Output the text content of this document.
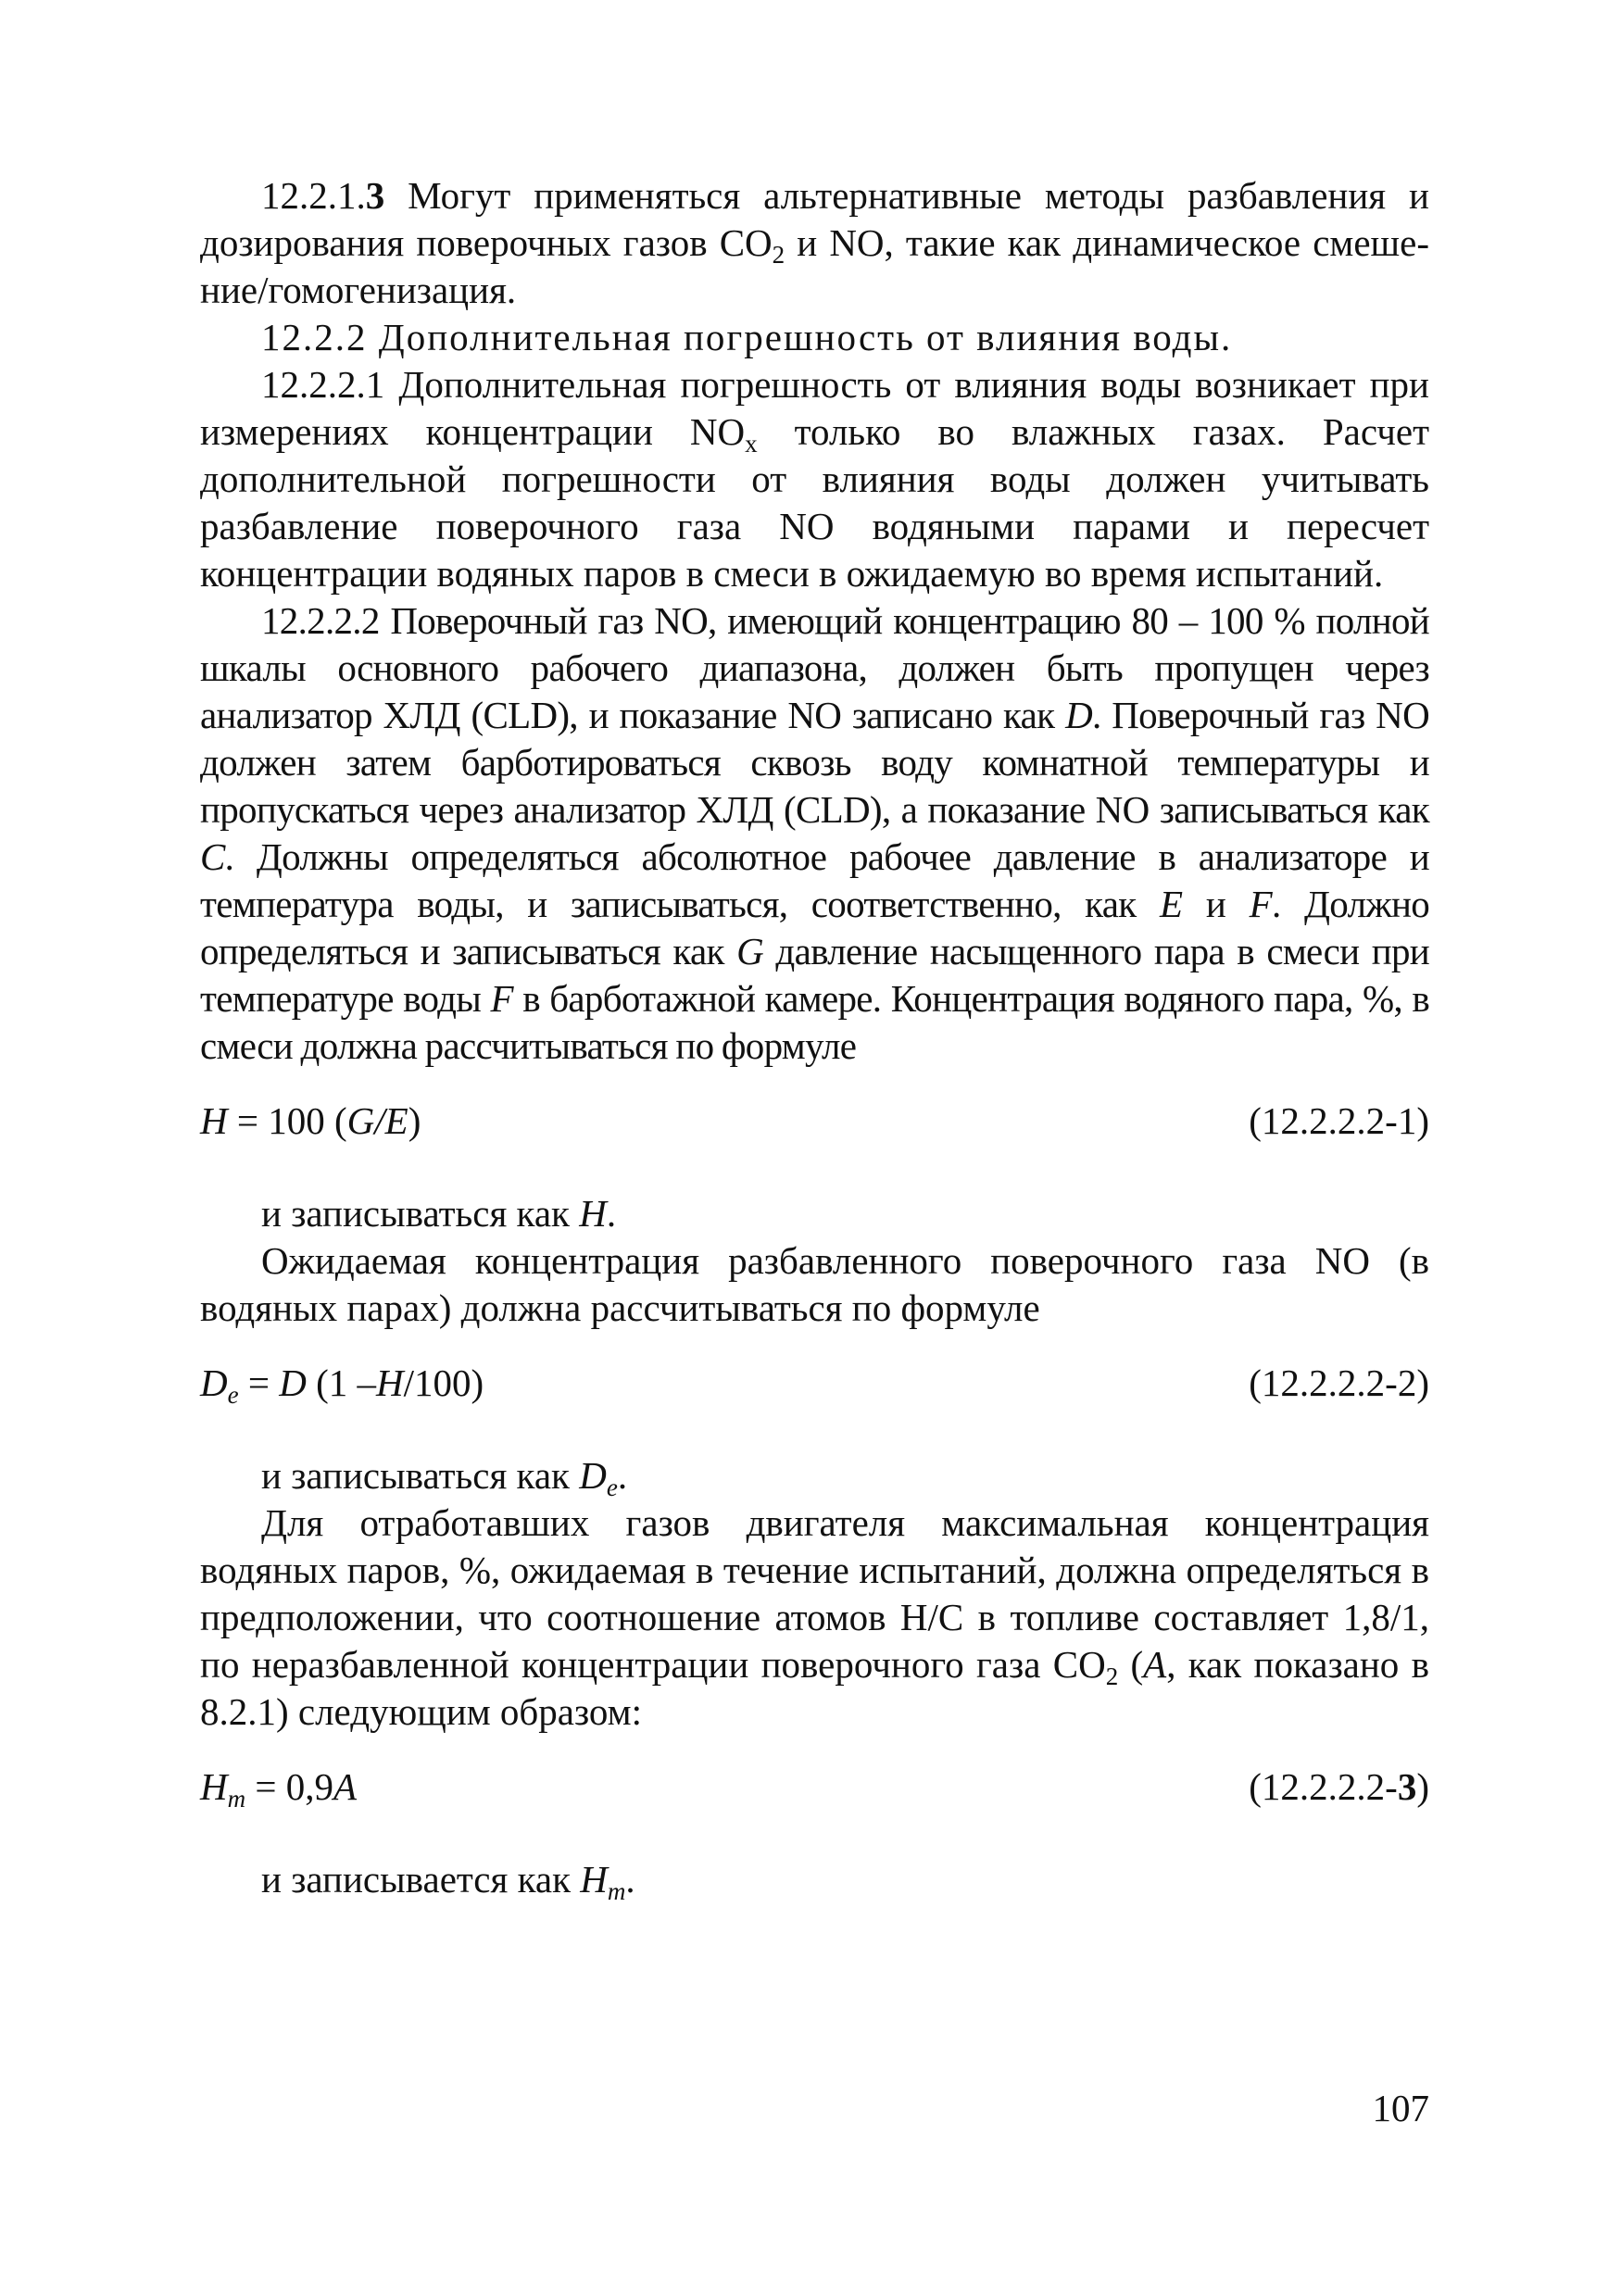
12.2.1.3 Могут применяться альтернативные методы разбавления и дозирования поверочных газов $CO_2$ и NO, такие как динамическое смеше-ние/гомогенизация.

12.2.2 Дополнительная погрешность от влияния воды.

12.2.2.1 Дополнительная погрешность от влияния воды возникает при измерениях концентрации $NO_x$ только во влажных газах. Расчет дополнительной погрешности от влияния воды должен учитывать разбавление поверочного газа NO водяными парами и пересчет концентрации водяных паров в смеси в ожидаемую во время испытаний.

12.2.2.2 Поверочный газ NO, имеющий концентрацию 80 – 100 % полной шкалы основного рабочего диапазона, должен быть пропущен через анализатор ХЛД (CLD), и показание NO записано как D. Поверочный газ NO должен затем барботироваться сквозь воду комнатной температуры и пропускаться через анализатор ХЛД (CLD), а показание NO записываться как C. Должны определяться абсолютное рабочее давление в анализаторе и температура воды, и записываться, соответственно, как E и F. Должно определяться и записываться как G давление насыщенного пара в смеси при температуре воды F в барботажной камере. Концентрация водяного пара, %, в смеси должна рассчитываться по формуле

H = 100 (G/E)	(12.2.2.2-1)

и записываться как H.

Ожидаемая концентрация разбавленного поверочного газа NO (в водяных парах) должна рассчитываться по формуле

$D_e = D$ (1 –H/100)	(12.2.2.2-2)

и записываться как $D_e$.

Для отработавших газов двигателя максимальная концентрация водяных паров, %, ожидаемая в течение испытаний, должна определяться в предположении, что соотношение атомов H/C в топливе составляет 1,8/1, по неразбавленной концентрации поверочного газа $CO_2$ (A, как показано в 8.2.1) следующим образом:

$H_m = 0,9A$	(12.2.2.2-3)

и записывается как $H_m$.

107
